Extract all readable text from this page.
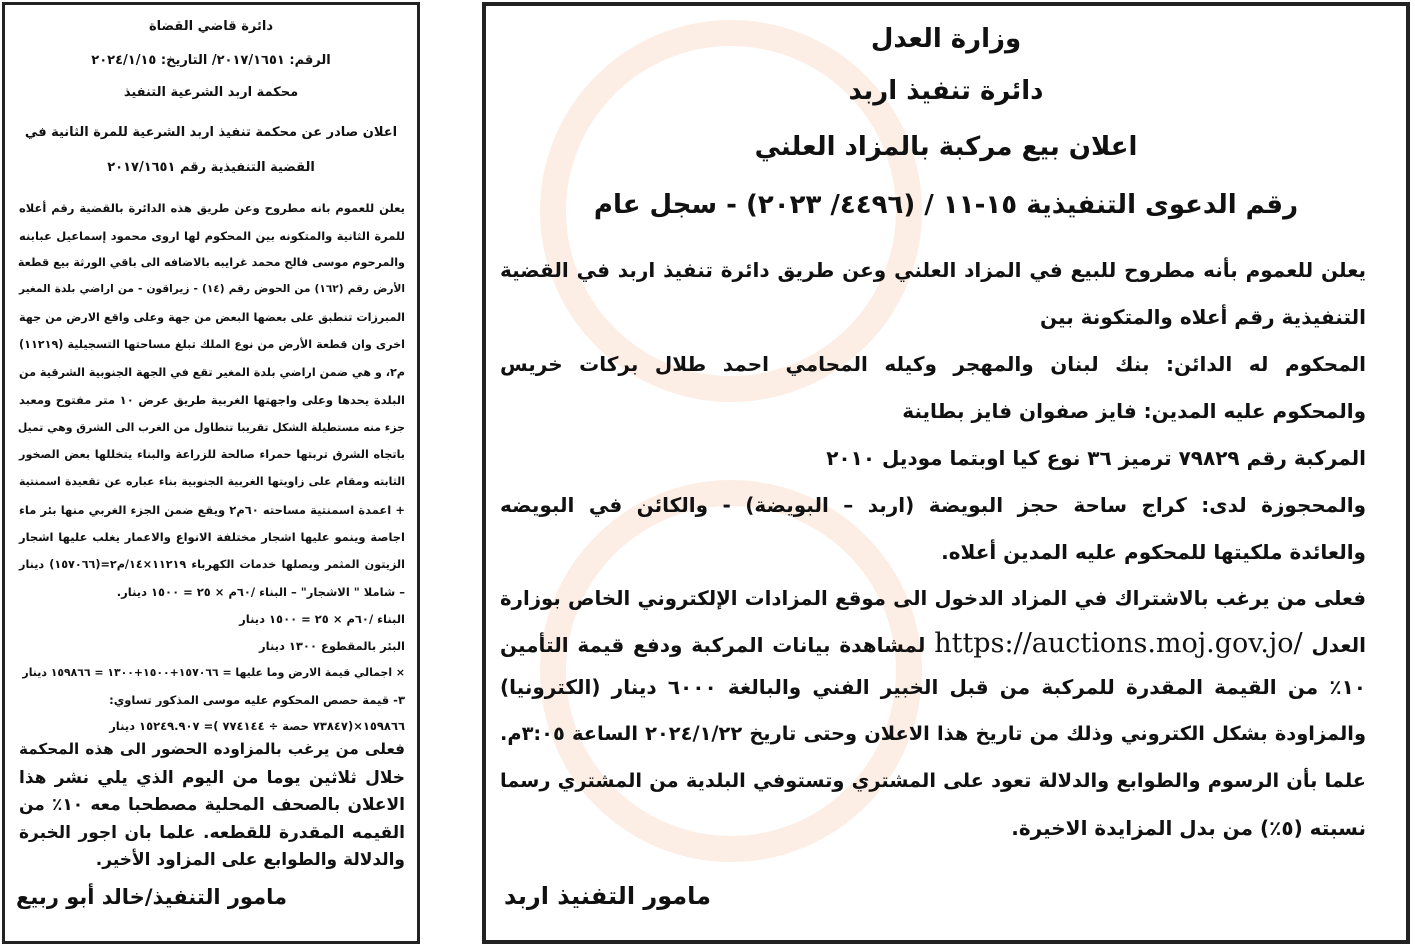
دائرة قاضي القضاة
الرقم: ٢٠١٧/١٦٥١/ التاريخ: ٢٠٢٤/١/١٥
محكمة اربد الشرعية التنفيذ
اعلان صادر عن محكمة تنفيذ اربد الشرعية للمرة الثانية في
القضية التنفيذية رقم ٢٠١٧/١٦٥١
يعلن للعموم بانه مطروح وعن طريق هذه الدائرة بالقضية رقم أعلاه
للمرة الثانية والمتكونه بين المحكوم لها اروى محمود إسماعيل عبابنه
والمرحوم موسى فالح محمد غرايبه بالاضافه الى باقي الورثة بيع قطعة
الأرض رقم (١٦٢) من الحوض رقم (١٤) - زيراقون - من اراضي بلدة المغير
المبرزات تنطبق على بعضها البعض من جهة وعلى واقع الارض من جهة
اخرى وان قطعة الأرض من نوع الملك تبلغ مساحتها التسجيلية (١١٢١٩)
م٢، و هي ضمن اراضي بلدة المغير تقع في الجهة الجنوبية الشرقية من
البلدة يحدها وعلى واجهتها الغربية طريق عرض ١٠ متر مفتوح ومعبد
جزء منه مستطيلة الشكل تقريبا تتطاول من الغرب الى الشرق وهي تميل
باتجاه الشرق تربتها حمراء صالحة للزراعة والبناء يتخللها بعض الصخور
الثابته ومقام على زاويتها الغربية الجنوبية بناء عباره عن تقعيدة اسمنتية
+ اعمدة اسمنتية مساحته ٦٠م٢ ويقع ضمن الجزء الغربي منها بئر ماء
اجاصة وينمو عليها اشجار مختلفة الانواع والاعمار يغلب عليها اشجار
الزيتون المثمر ويصلها خدمات الكهرباء ١١٢١٩×١٤/م٢=(١٥٧٠٦٦) دينار
– شاملا " الاشجار" – البناء /٦٠م × ٢٥ = ١٥٠٠ دينار.
البناء /٦٠م × ٢٥ = ١٥٠٠ دينار
البئر بالمقطوع ١٣٠٠ دينار
× اجمالي قيمة الارض وما عليها = ١٥٧٠٦٦+١٥٠٠+١٣٠٠ = ١٥٩٨٦٦ دينار
٣- قيمة حصص المحكوم عليه موسى المذكور تساوي:
١٥٩٨٦٦×(٧٣٨٤٧ حصة ÷ ٧٧٤١٤٤ )= ١٥٢٤٩.٩٠٧ دينار
فعلى من يرغب بالمزاوده الحضور الى هذه المحكمة
خلال ثلاثين يوما من اليوم الذي يلي نشر هذا
الاعلان بالصحف المحلية مصطحبا معه ١٠٪ من
القيمه المقدرة للقطعه. علما بان اجور الخبرة
والدلالة والطوابع على المزاود الأخير.
مامور التنفيذ/خالد أبو ربيع
وزارة العدل
دائرة تنفيذ اربد
اعلان بيع مركبة بالمزاد العلني
رقم الدعوى التنفيذية ١٥-١١ / (٤٤٩٦/ ٢٠٢٣) - سجل عام
العدل https://auctions.moj.gov.jo/ لمشاهدة بيانات المركبة ودفع قيمة التأمين
يعلن للعموم بأنه مطروح للبيع في المزاد العلني وعن طريق دائرة تنفيذ اربد في القضية
التنفيذية رقم أعلاه والمتكونة بين
المحكوم له الدائن: بنك لبنان والمهجر وكيله المحامي احمد طلال بركات خريس
والمحكوم عليه المدين: فايز صفوان فايز بطاينة
المركبة رقم ٧٩٨٢٩ ترميز ٣٦ نوع كيا اوبتما موديل ٢٠١٠
والمحجوزة لدى: كراج ساحة حجز البويضة (اربد – البويضة) - والكائن في البويضه
والعائدة ملكيتها للمحكوم عليه المدين أعلاه.
فعلى من يرغب بالاشتراك في المزاد الدخول الى موقع المزادات الإلكتروني الخاص بوزارة
١٠٪ من القيمة المقدرة للمركبة من قبل الخبير الفني والبالغة ٦٠٠٠ دينار (الكترونيا)
والمزاودة بشكل الكتروني وذلك من تاريخ هذا الاعلان وحتى تاريخ ٢٠٢٤/١/٢٢ الساعة ٣:٠٥م.
علما بأن الرسوم والطوابع والدلالة تعود على المشتري وتستوفي البلدية من المشتري رسما
نسبته (٥٪) من بدل المزايدة الاخيرة.
مامور التفنيذ اربد
